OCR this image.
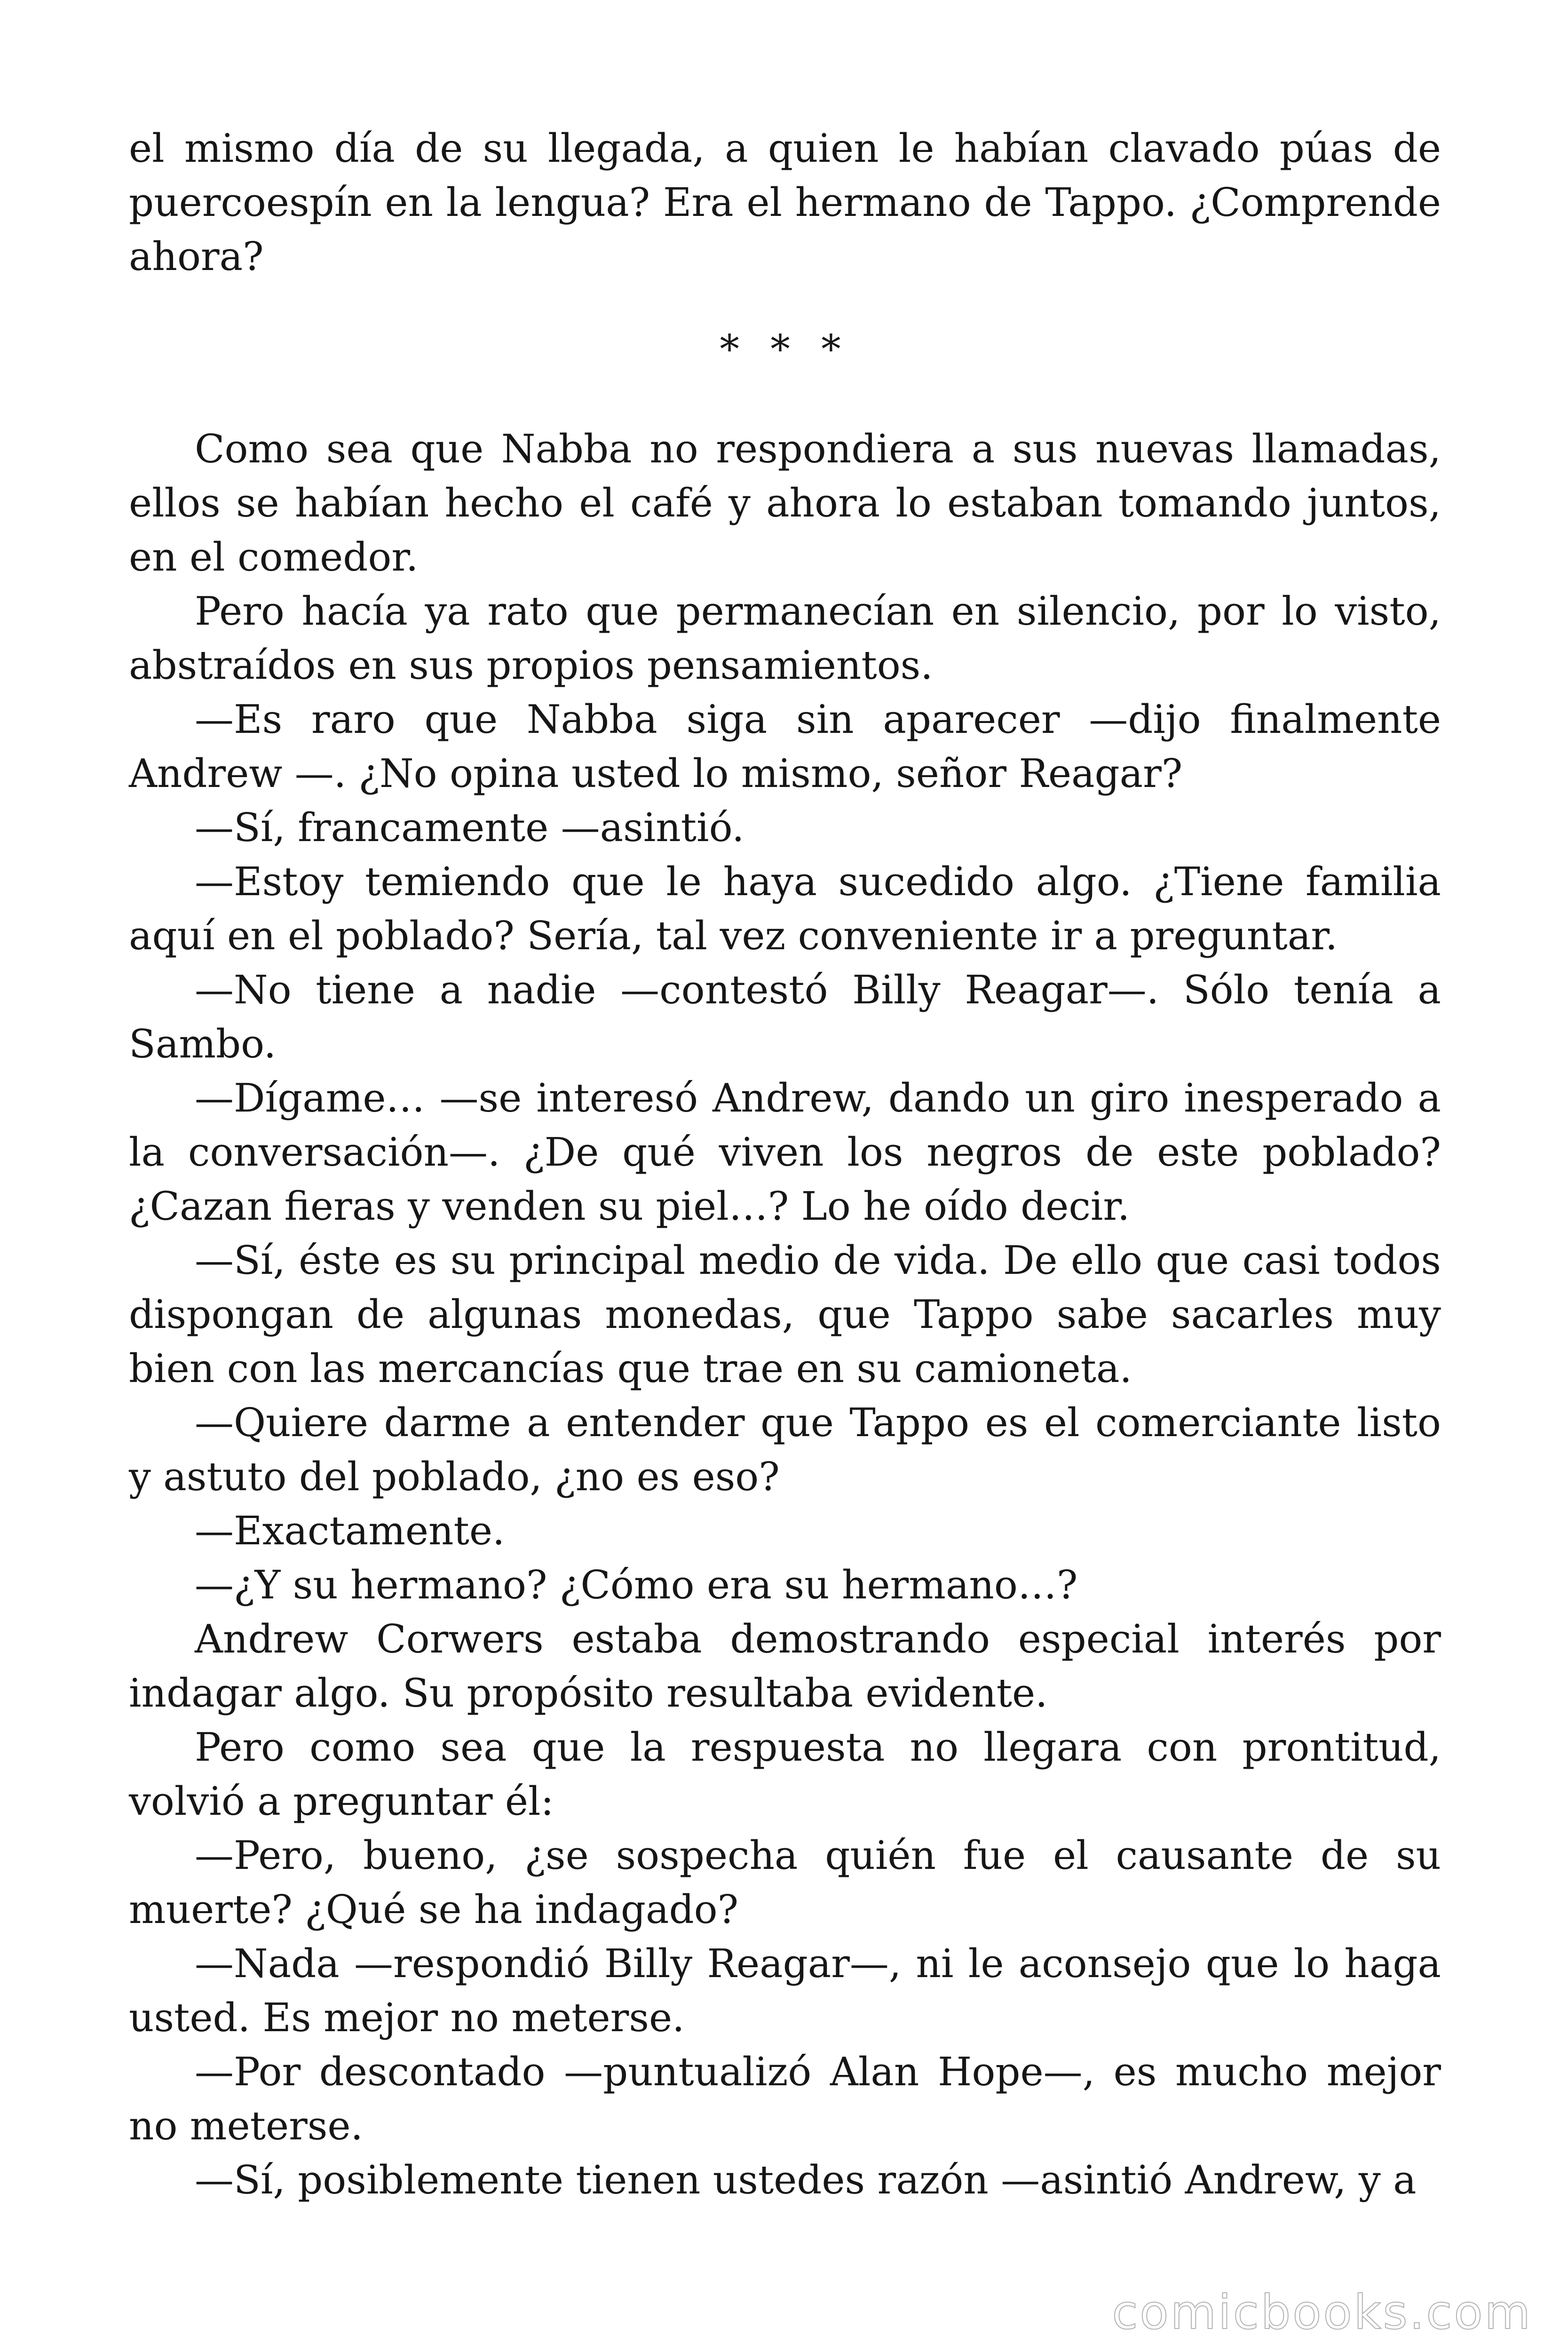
el mismo día de su llegada, a quien le habían clavado púas de puercoespín en la lengua? Era el hermano de Tappo. ¿Comprende ahora?

* * *

Como sea que Nabba no respondiera a sus nuevas llamadas, ellos se habían hecho el café y ahora lo estaban tomando juntos, en el comedor.

Pero hacía ya rato que permanecían en silencio, por lo visto, abstraídos en sus propios pensamientos.

—Es raro que Nabba siga sin aparecer —dijo finalmente Andrew —. ¿No opina usted lo mismo, señor Reagar?

—Sí, francamente —asintió.

—Estoy temiendo que le haya sucedido algo. ¿Tiene familia aquí en el poblado? Sería, tal vez conveniente ir a preguntar.

—No tiene a nadie —contestó Billy Reagar—. Sólo tenía a Sambo.

—Dígame… —se interesó Andrew, dando un giro inesperado a la conversación—. ¿De qué viven los negros de este poblado? ¿Cazan fieras y venden su piel…? Lo he oído decir.

—Sí, éste es su principal medio de vida. De ello que casi todos dispongan de algunas monedas, que Tappo sabe sacarles muy bien con las mercancías que trae en su camioneta.

—Quiere darme a entender que Tappo es el comerciante listo y astuto del poblado, ¿no es eso?

—Exactamente.

—¿Y su hermano? ¿Cómo era su hermano…?

Andrew Corwers estaba demostrando especial interés por indagar algo. Su propósito resultaba evidente.

Pero como sea que la respuesta no llegara con prontitud, volvió a preguntar él:

—Pero, bueno, ¿se sospecha quién fue el causante de su muerte? ¿Qué se ha indagado?

—Nada —respondió Billy Reagar—, ni le aconsejo que lo haga usted. Es mejor no meterse.

—Por descontado —puntualizó Alan Hope—, es mucho mejor no meterse.

—Sí, posiblemente tienen ustedes razón —asintió Andrew, y a

comicbooks.com
